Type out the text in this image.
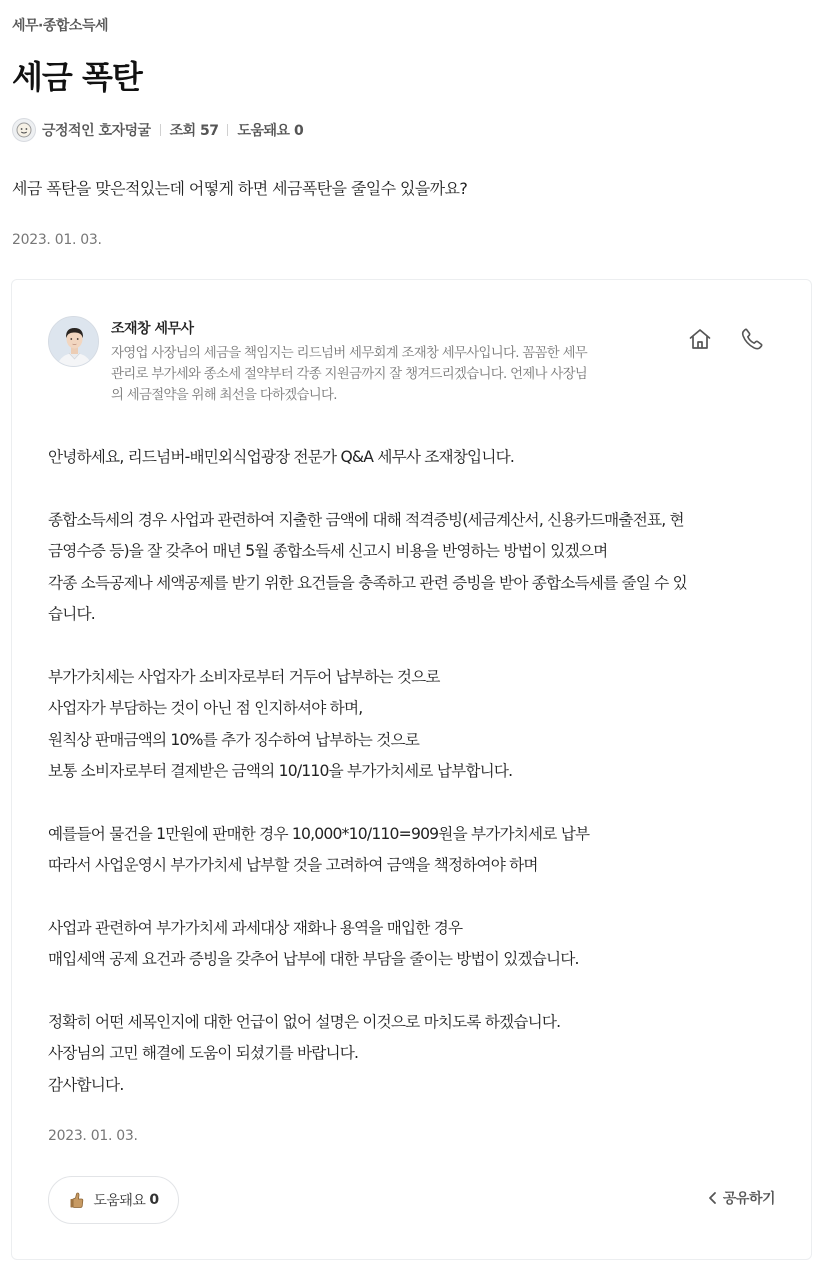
세무·종합소득세
세금 폭탄
긍정적인 호자덩굴 조회 57 도움돼요 0

세금 폭탄을 맞은적있는데 어떻게 하면 세금폭탄을 줄일수 있을까요?

2023. 01. 03.
조재창 세무사
자영업 사장님의 세금을 책임지는 리드넘버 세무회계 조재창 세무사입니다. 꼼꼼한 세무
관리로 부가세와 종소세 절약부터 각종 지원금까지 잘 챙겨드리겠습니다. 언제나 사장님
의 세금절약을 위해 최선을 다하겠습니다.
안녕하세요, 리드넘버-배민외식업광장 전문가 Q&A 세무사 조재창입니다.
종합소득세의 경우 사업과 관련하여 지출한 금액에 대해 적격증빙(세금계산서, 신용카드매출전표, 현
금영수증 등)을 잘 갖추어 매년 5월 종합소득세 신고시 비용을 반영하는 방법이 있겠으며
각종 소득공제나 세액공제를 받기 위한 요건들을 충족하고 관련 증빙을 받아 종합소득세를 줄일 수 있
습니다.
부가가치세는 사업자가 소비자로부터 거두어 납부하는 것으로
사업자가 부담하는 것이 아닌 점 인지하셔야 하며,
원칙상 판매금액의 10%를 추가 징수하여 납부하는 것으로
보통 소비자로부터 결제받은 금액의 10/110을 부가가치세로 납부합니다.
예를들어 물건을 1만원에 판매한 경우 10,000*10/110=909원을 부가가치세로 납부
따라서 사업운영시 부가가치세 납부할 것을 고려하여 금액을 책정하여야 하며
사업과 관련하여 부가가치세 과세대상 재화나 용역을 매입한 경우
매입세액 공제 요건과 증빙을 갖추어 납부에 대한 부담을 줄이는 방법이 있겠습니다.
정확히 어떤 세목인지에 대한 언급이 없어 설명은 이것으로 마치도록 하겠습니다.
사장님의 고민 해결에 도움이 되셨기를 바랍니다.
감사합니다.
2023. 01. 03.
도움돼요 0	공유하기
